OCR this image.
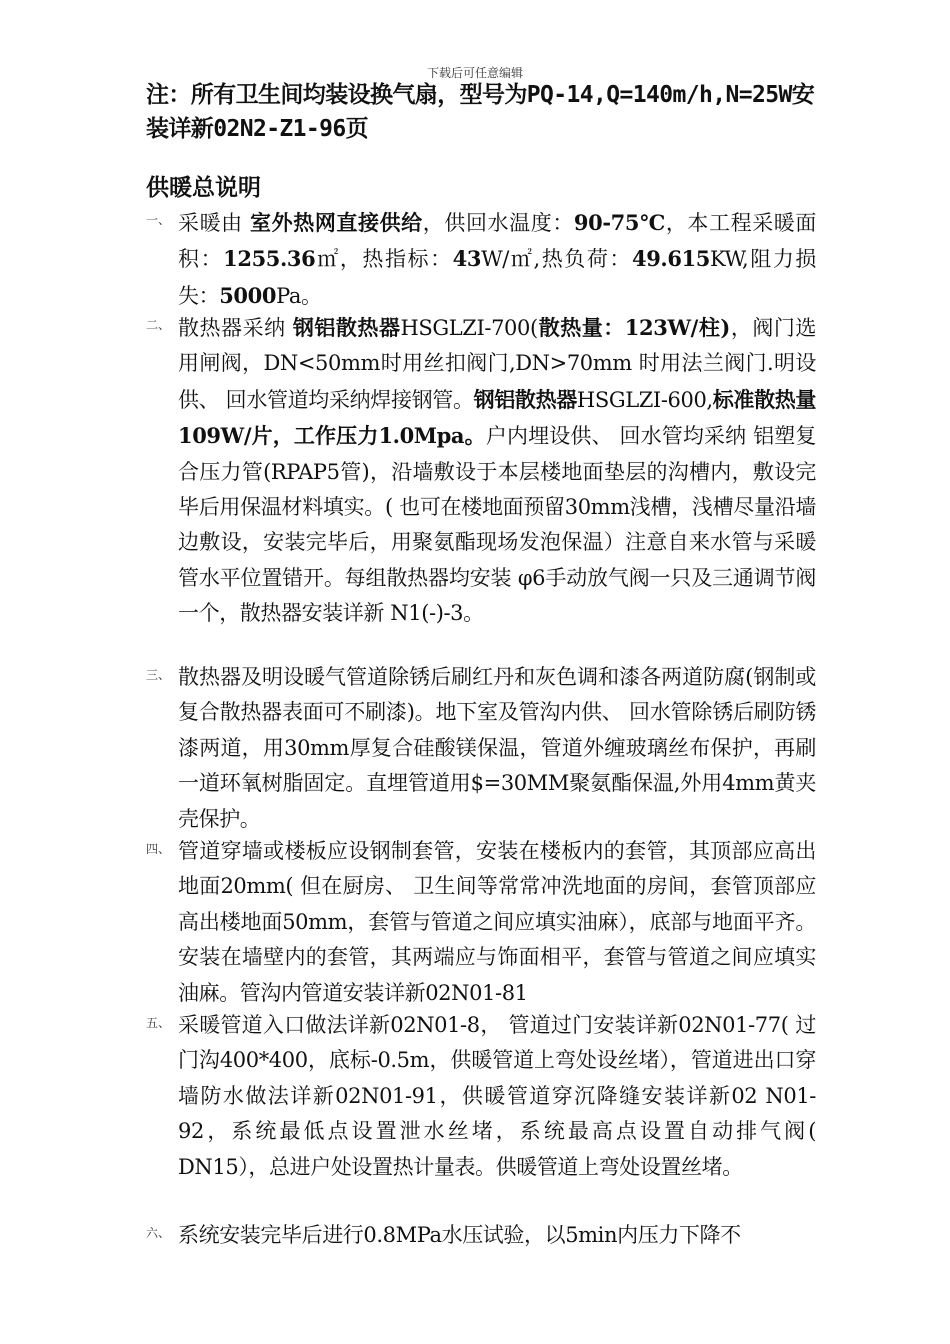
下载后可任意编辑
注：所有卫生间均装设换气扇，型号为PQ-14,Q=140m/h,N=25W安装详新02N2-Z1-96页
供暖总说明
一、 采暖由 室外热网直接供给，供回水温度：90-75℃，本工程采暖面积：1255.36㎡，热指标：43W/㎡,热负荷：49.615KW,阻力损失：5000Pa。
二、 散热器采纳 钢铝散热器HSGLZI-700(散热量：123W/柱)，阀门选用闸阀，DN<50mm时用丝扣阀门,DN>70mm 时用法兰阀门.明设供、 回水管道均采纳焊接钢管。钢铝散热器HSGLZI-600,标准散热量109W/片，工作压力1.0Mpa。户内埋设供、 回水管均采纳 铝塑复合压力管(RPAP5管)，沿墙敷设于本层楼地面垫层的沟槽内，敷设完毕后用保温材料填实。( 也可在楼地面预留30mm浅槽，浅槽尽量沿墙边敷设，安装完毕后，用聚氨酯现场发泡保温）注意自来水管与采暖管水平位置错开。每组散热器均安装 φ6手动放气阀一只及三通调节阀一个，散热器安装详新 N1(-)-3。
三、 散热器及明设暖气管道除锈后刷红丹和灰色调和漆各两道防腐(钢制或复合散热器表面可不刷漆)。地下室及管沟内供、 回水管除锈后刷防锈漆两道，用30mm厚复合硅酸镁保温，管道外缠玻璃丝布保护，再刷一道环氧树脂固定。直埋管道用$=30MM聚氨酯保温,外用4mm黄夹壳保护。
四、 管道穿墙或楼板应设钢制套管，安装在楼板内的套管，其顶部应高出地面20mm( 但在厨房、 卫生间等常常冲洗地面的房间，套管顶部应高出楼地面50mm，套管与管道之间应填实油麻），底部与地面平齐。安装在墙壁内的套管，其两端应与饰面相平，套管与管道之间应填实油麻。管沟内管道安装详新02N01-81
五、 采暖管道入口做法详新02N01-8， 管道过门安装详新02N01-77( 过门沟400*400，底标-0.5m，供暖管道上弯处设丝堵），管道进出口穿墙防水做法详新02N01-91，供暖管道穿沉降缝安装详新02 N01-92，系统最低点设置泄水丝堵，系统最高点设置自动排气阀( DN15），总进户处设置热计量表。供暖管道上弯处设置丝堵。
六、 系统安装完毕后进行0.8MPa水压试验，以5min内压力下降不
